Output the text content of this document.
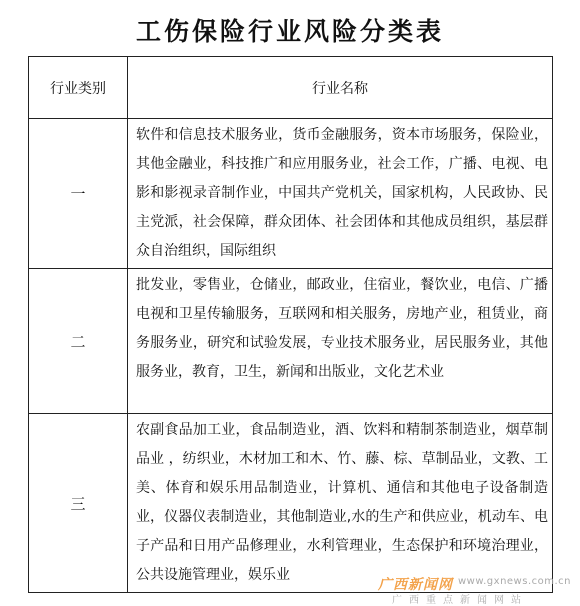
工伤保险行业风险分类表
行业类别	行业名称
一	软件和信息技术服务业，货币金融服务，资本市场服务，保险业，其他金融业，科技推广和应用服务业，社会工作，广播、电视、电影和影视录音制作业，中国共产党机关，国家机构，人民政协、民主党派，社会保障，群众团体、社会团体和其他成员组织，基层群众自治组织，国际组织
二	批发业，零售业，仓储业，邮政业，住宿业，餐饮业，电信、广播电视和卫星传输服务，互联网和相关服务，房地产业，租赁业，商务服务业，研究和试验发展，专业技术服务业，居民服务业，其他服务业，教育，卫生，新闻和出版业，文化艺术业
三	农副食品加工业，食品制造业，酒、饮料和精制茶制造业，烟草制品业 ，纺织业，木材加工和木、竹、藤、棕、草制品业，文教、工美、体育和娱乐用品制造业，计算机、通信和其他电子设备制造业，仪器仪表制造业，其他制造业,水的生产和供应业，机动车、电子产品和日用产品修理业，水利管理业，生态保护和环境治理业，公共设施管理业，娱乐业
广西新闻网 www.gxnews.com.cn
广西重点新闻网站
